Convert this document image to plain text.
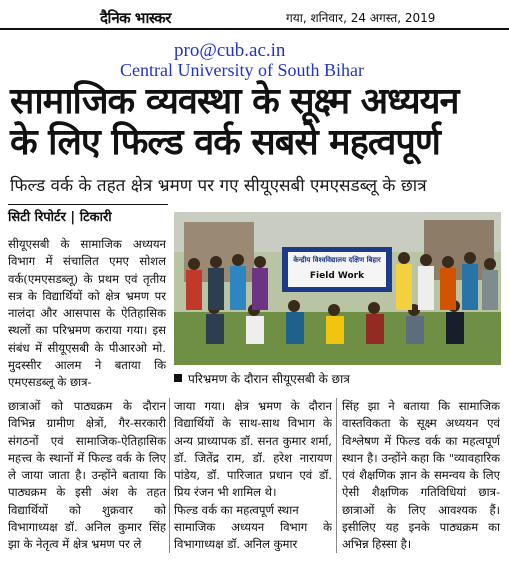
दैनिक भास्कर	गया, शनिवार, 24 अगस्त, 2019
pro@cub.ac.in
Central University of South Bihar
सामाजिक व्यवस्था के सूक्ष्म अध्ययन
के लिए फिल्ड वर्क सबसे महत्वपूर्ण
फिल्ड वर्क के तहत क्षेत्र भ्रमण पर गए सीयूएसबी एमएसडब्लू के छात्र
सिटी रिपोर्टर | टिकारी

सीयूएसबी के सामाजिक अध्ययन विभाग में संचालित एमए सोशल वर्क(एमएसडब्लू) के प्रथम एवं तृतीय सत्र के विद्यार्थियों को क्षेत्र भ्रमण पर नालंदा और आसपास के ऐतिहासिक स्थलों का परिभ्रमण कराया गया। इस संबंध में सीयूएसबी के पीआरओ मो. मुदस्सीर आलम ने बताया कि एमएसडब्लू के छात्र-

छात्राओं को पाठ्यक्रम के दौरान विभिन्न ग्रामीण क्षेत्रों, गैर-सरकारी संगठनों एवं सामाजिक-ऐतिहासिक महत्त्व के स्थानों में फिल्ड वर्क के लिए ले जाया जाता है। उन्होंने बताया कि पाठ्यक्रम के इसी अंश के तहत विद्यार्थियों को शुक्रवार को विभागाध्यक्ष डॉ. अनिल कुमार सिंह झा के नेतृत्व में क्षेत्र भ्रमण पर ले

केन्द्रीय विश्वविद्यालय दक्षिण बिहार
Field Work
परिभ्रमण के दौरान सीयूएसबी के छात्र

जाया गया। क्षेत्र भ्रमण के दौरान विद्यार्थियों के साथ-साथ विभाग के अन्य प्राध्यापक डॉ. सनत कुमार शर्मा, डॉ. जितेंद्र राम, डॉ. हरेश नारायण पांडेय, डॉ. पारिजात प्रधान एवं डॉ. प्रिय रंजन भी शामिल थे।

फिल्ड वर्क का महत्वपूर्ण स्थान

सामाजिक अध्ययन विभाग के विभागाध्यक्ष डॉ. अनिल कुमार

सिंह झा ने बताया कि सामाजिक वास्तविकता के सूक्ष्म अध्ययन एवं विश्लेषण में फिल्ड वर्क का महत्वपूर्ण स्थान है। उन्होंने कहा कि "व्यावहारिक एवं शैक्षणिक ज्ञान के समन्वय के लिए ऐसी शैक्षणिक गतिविधियां छात्र-छात्राओं के लिए आवश्यक हैं। इसीलिए यह इनके पाठ्यक्रम का अभिन्न हिस्सा है।
